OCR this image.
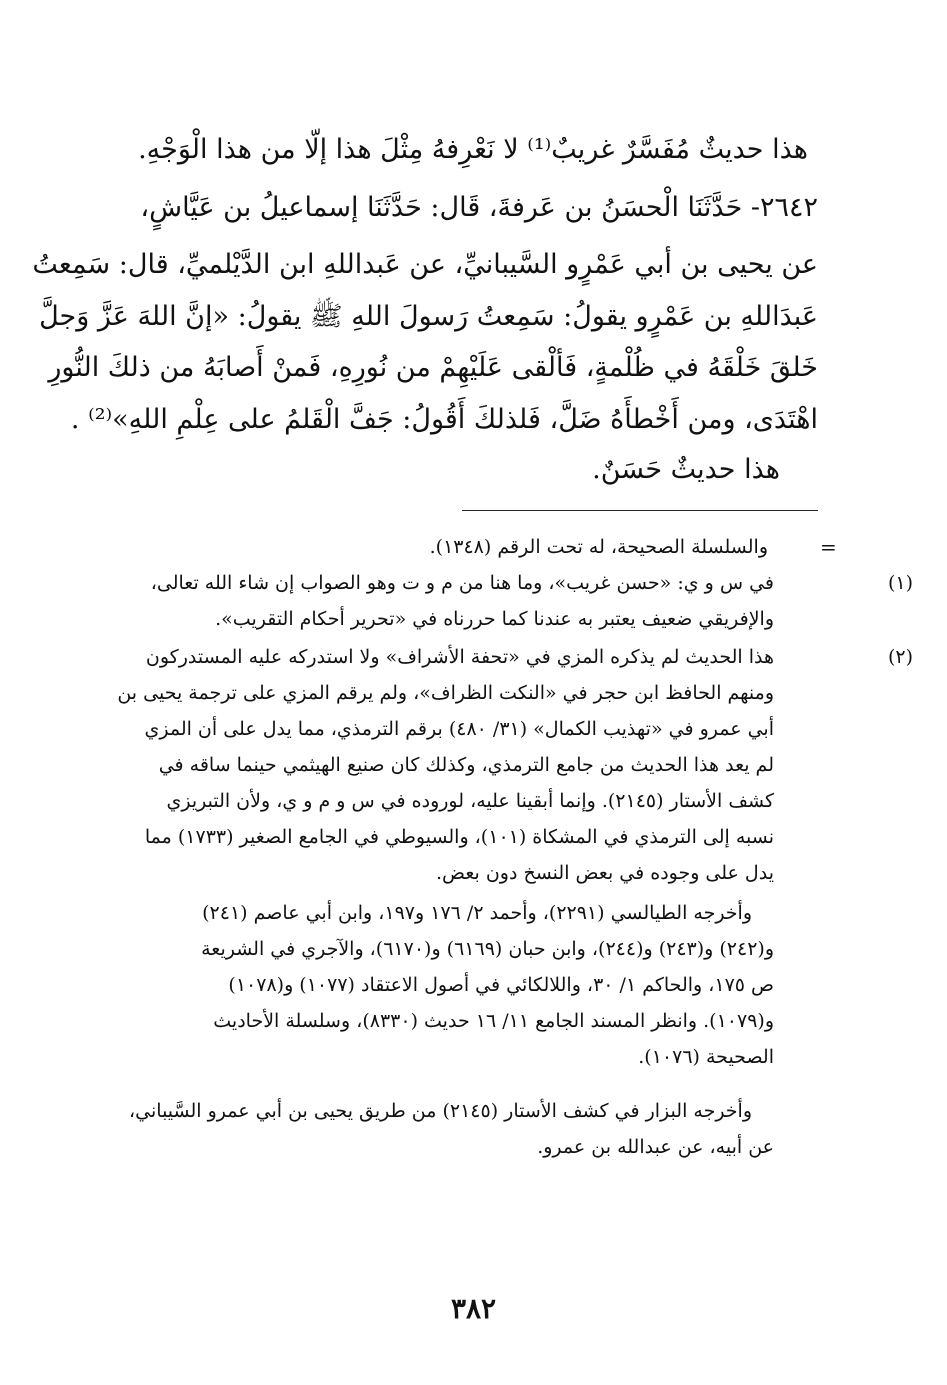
هذا حديثٌ مُفَسَّرٌ غريبٌ⁽¹⁾ لا نَعْرِفهُ مِثْلَ هذا إلّا من هذا الْوَجْهِ.
٢٦٤٢- حَدَّثَنَا الْحسَنُ بن عَرفةَ، قَال: حَدَّثَنَا إسماعيلُ بن عَيَّاشٍ،
عن يحيى بن أبي عَمْرٍو السَّيبانيِّ، عن عَبداللهِ ابن الدَّيْلميِّ، قال: سَمِعتُ
عَبدَاللهِ بن عَمْرٍو يقولُ: سَمِعتُ رَسولَ اللهِ ﷺ يقولُ: «إنَّ اللهَ عَزَّ وَجلَّ
خَلقَ خَلْقَهُ في ظُلْمةٍ، فَألْقى عَلَيْهِمْ من نُورِهِ، فَمنْ أَصابَهُ من ذلكَ النُّورِ
اهْتَدَى، ومن أَخْطأَهُ ضَلَّ، فَلذلكَ أَقُولُ: جَفَّ الْقَلمُ على عِلْمِ اللهِ»⁽²⁾ .
هذا حديثٌ حَسَنٌ.
=
والسلسلة الصحيحة، له تحت الرقم (١٣٤٨).
(١)
في س و ي: «حسن غريب»، وما هنا من م و ت وهو الصواب إن شاء الله تعالى،
والإفريقي ضعيف يعتبر به عندنا كما حررناه في «تحرير أحكام التقريب».
(٢)
هذا الحديث لم يذكره المزي في «تحفة الأشراف» ولا استدركه عليه المستدركون
ومنهم الحافظ ابن حجر في «النكت الظراف»، ولم يرقم المزي على ترجمة يحيى بن
أبي عمرو في «تهذيب الكمال» (٣١/ ٤٨٠) برقم الترمذي، مما يدل على أن المزي
لم يعد هذا الحديث من جامع الترمذي، وكذلك كان صنيع الهيثمي حينما ساقه في
كشف الأستار (٢١٤٥). وإنما أبقينا عليه، لوروده في س و م و ي، ولأن التبريزي
نسبه إلى الترمذي في المشكاة (١٠١)، والسيوطي في الجامع الصغير (١٧٣٣) مما
يدل على وجوده في بعض النسخ دون بعض.
وأخرجه الطيالسي (٢٢٩١)، وأحمد ٢/ ١٧٦ و١٩٧، وابن أبي عاصم (٢٤١)
و(٢٤٢) و(٢٤٣) و(٢٤٤)، وابن حبان (٦١٦٩) و(٦١٧٠)، والآجري في الشريعة
ص ١٧٥، والحاكم ١/ ٣٠، واللالكائي في أصول الاعتقاد (١٠٧٧) و(١٠٧٨)
و(١٠٧٩). وانظر المسند الجامع ١١/ ١٦ حديث (٨٣٣٠)، وسلسلة الأحاديث
الصحيحة (١٠٧٦).
وأخرجه البزار في كشف الأستار (٢١٤٥) من طريق يحيى بن أبي عمرو السَّيباني،
عن أبيه، عن عبدالله بن عمرو.
٣٨٢
